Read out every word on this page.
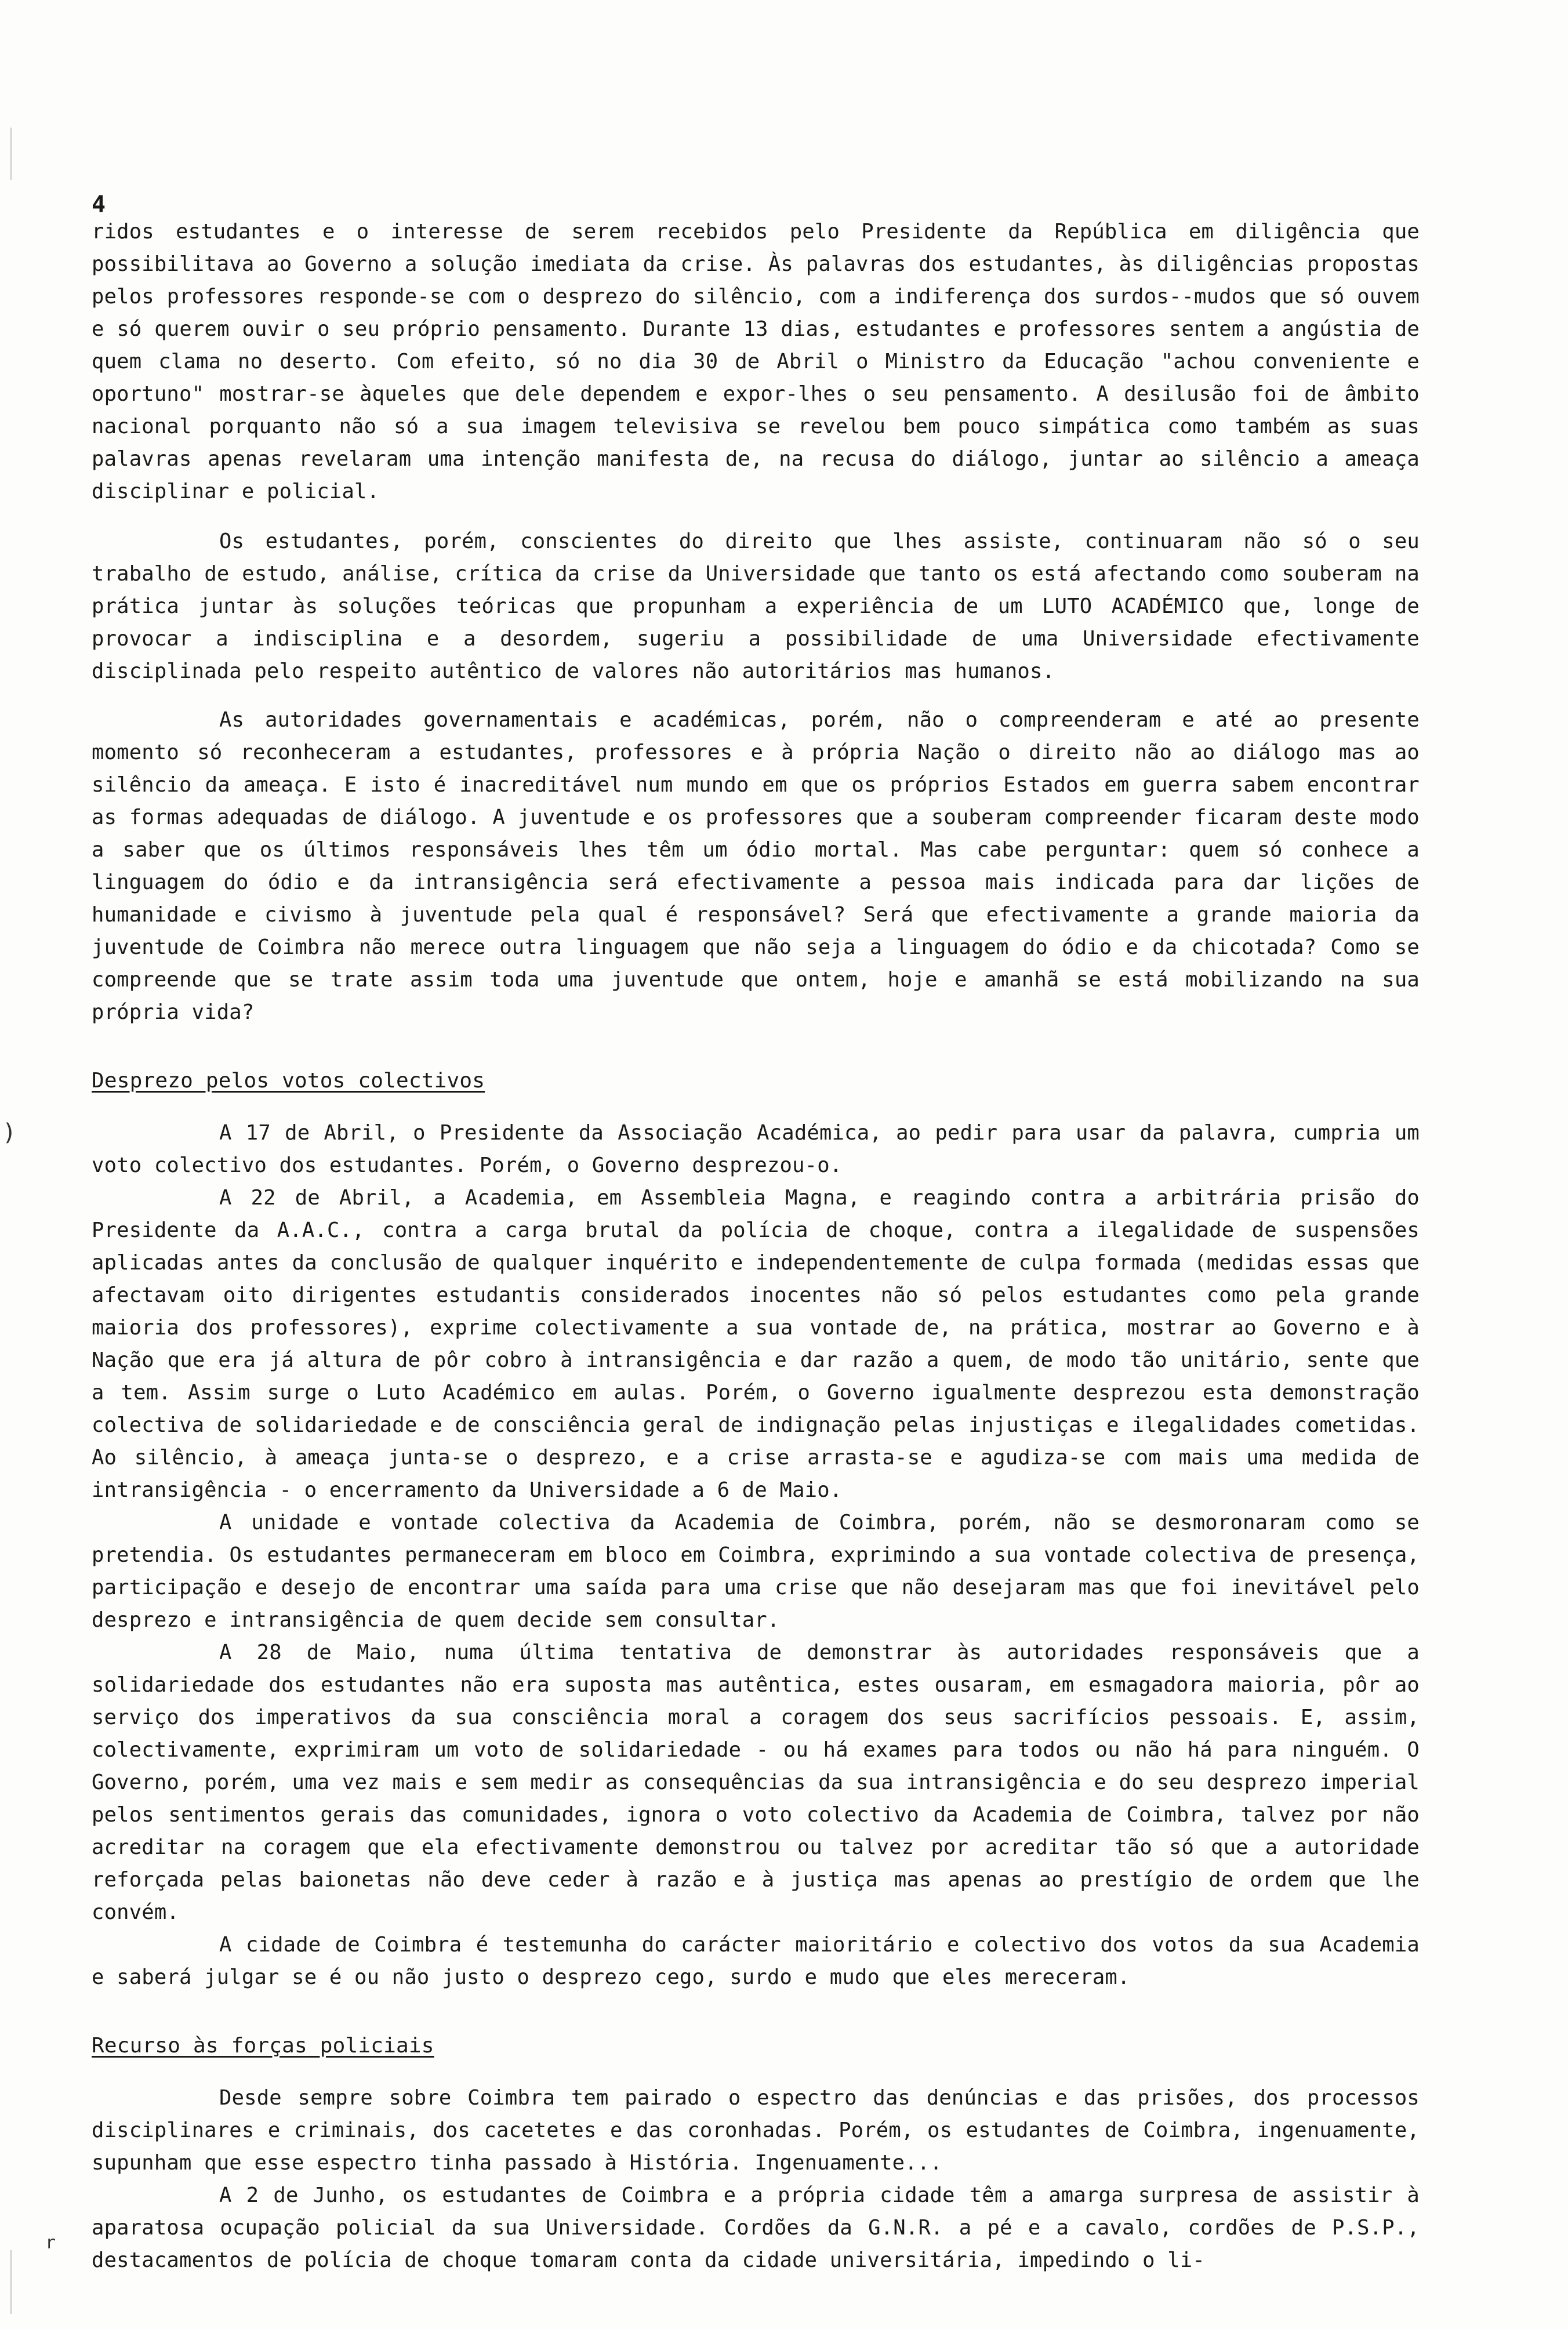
4
)
r

ridos estudantes e o interesse de serem recebidos pelo Presidente da República em diligência que possibilitava ao Governo a solução imediata da crise. Às palavras dos estudantes, às diligências propostas pelos professores responde-se com o desprezo do silêncio, com a indiferença dos surdos--mudos que só ouvem e só querem ouvir o seu próprio pensamento. Durante 13 dias, estudantes e professores sentem a angústia de quem clama no deserto. Com efeito, só no dia 30 de Abril o Ministro da Educação "achou conveniente e oportuno" mostrar-se àqueles que dele dependem e expor-lhes o seu pensamento. A desilusão foi de âmbito nacional porquanto não só a sua imagem televisiva se revelou bem pouco simpática como também as suas palavras apenas revelaram uma intenção manifesta de, na recusa do diálogo, juntar ao silêncio a ameaça disciplinar e policial.

Os estudantes, porém, conscientes do direito que lhes assiste, continuaram não só o seu trabalho de estudo, análise, crítica da crise da Universidade que tanto os está afectando como souberam na prática juntar às soluções teóricas que propunham a experiência de um LUTO ACADÉMICO que, longe de provocar a indisciplina e a desordem, sugeriu a possibilidade de uma Universidade efectivamente disciplinada pelo respeito autêntico de valores não autoritários mas humanos.

As autoridades governamentais e académicas, porém, não o compreenderam e até ao presente momento só reconheceram a estudantes, professores e à própria Nação o direito não ao diálogo mas ao silêncio da ameaça. E isto é inacreditável num mundo em que os próprios Estados em guerra sabem encontrar as formas adequadas de diálogo. A juventude e os professores que a souberam compreender ficaram deste modo a saber que os últimos responsáveis lhes têm um ódio mortal. Mas cabe perguntar: quem só conhece a linguagem do ódio e da intransigência será efectivamente a pessoa mais indicada para dar lições de humanidade e civismo à juventude pela qual é responsável? Será que efectivamente a grande maioria da juventude de Coimbra não merece outra linguagem que não seja a linguagem do ódio e da chicotada? Como se compreende que se trate assim toda uma juventude que ontem, hoje e amanhã se está mobilizando na sua própria vida?

Desprezo pelos votos colectivos

A 17 de Abril, o Presidente da Associação Académica, ao pedir para usar da palavra, cumpria um voto colectivo dos estudantes. Porém, o Governo desprezou-o.

A 22 de Abril, a Academia, em Assembleia Magna, e reagindo contra a arbitrária prisão do Presidente da A.A.C., contra a carga brutal da polícia de choque, contra a ilegalidade de suspensões aplicadas antes da conclusão de qualquer inquérito e independentemente de culpa formada (medidas essas que afectavam oito dirigentes estudantis considerados inocentes não só pelos estudantes como pela grande maioria dos professores), exprime colectivamente a sua vontade de, na prática, mostrar ao Governo e à Nação que era já altura de pôr cobro à intransigência e dar razão a quem, de modo tão unitário, sente que a tem. Assim surge o Luto Académico em aulas. Porém, o Governo igualmente desprezou esta demonstração colectiva de solidariedade e de consciência geral de indignação pelas injustiças e ilegalidades cometidas. Ao silêncio, à ameaça junta-se o desprezo, e a crise arrasta-se e agudiza-se com mais uma medida de intransigência - o encerramento da Universidade a 6 de Maio.

A unidade e vontade colectiva da Academia de Coimbra, porém, não se desmoronaram como se pretendia. Os estudantes permaneceram em bloco em Coimbra, exprimindo a sua vontade colectiva de presença, participação e desejo de encontrar uma saída para uma crise que não desejaram mas que foi inevitável pelo desprezo e intransigência de quem decide sem consultar.

A 28 de Maio, numa última tentativa de demonstrar às autoridades responsáveis que a solidariedade dos estudantes não era suposta mas autêntica, estes ousaram, em esmagadora maioria, pôr ao serviço dos imperativos da sua consciência moral a coragem dos seus sacrifícios pessoais. E, assim, colectivamente, exprimiram um voto de solidariedade - ou há exames para todos ou não há para ninguém. O Governo, porém, uma vez mais e sem medir as consequências da sua intransigência e do seu desprezo imperial pelos sentimentos gerais das comunidades, ignora o voto colectivo da Academia de Coimbra, talvez por não acreditar na coragem que ela efectivamente demonstrou ou talvez por acreditar tão só que a autoridade reforçada pelas baionetas não deve ceder à razão e à justiça mas apenas ao prestígio de ordem que lhe convém.

A cidade de Coimbra é testemunha do carácter maioritário e colectivo dos votos da sua Academia e saberá julgar se é ou não justo o desprezo cego, surdo e mudo que eles mereceram.

Recurso às forças policiais

Desde sempre sobre Coimbra tem pairado o espectro das denúncias e das prisões, dos processos disciplinares e criminais, dos cacetetes e das coronhadas. Porém, os estudantes de Coimbra, ingenuamente, supunham que esse espectro tinha passado à História. Ingenuamente...

A 2 de Junho, os estudantes de Coimbra e a própria cidade têm a amarga surpresa de assistir à aparatosa ocupação policial da sua Universidade. Cordões da G.N.R. a pé e a cavalo, cordões de P.S.P., destacamentos de polícia de choque tomaram conta da cidade universitária, impedindo o li-
